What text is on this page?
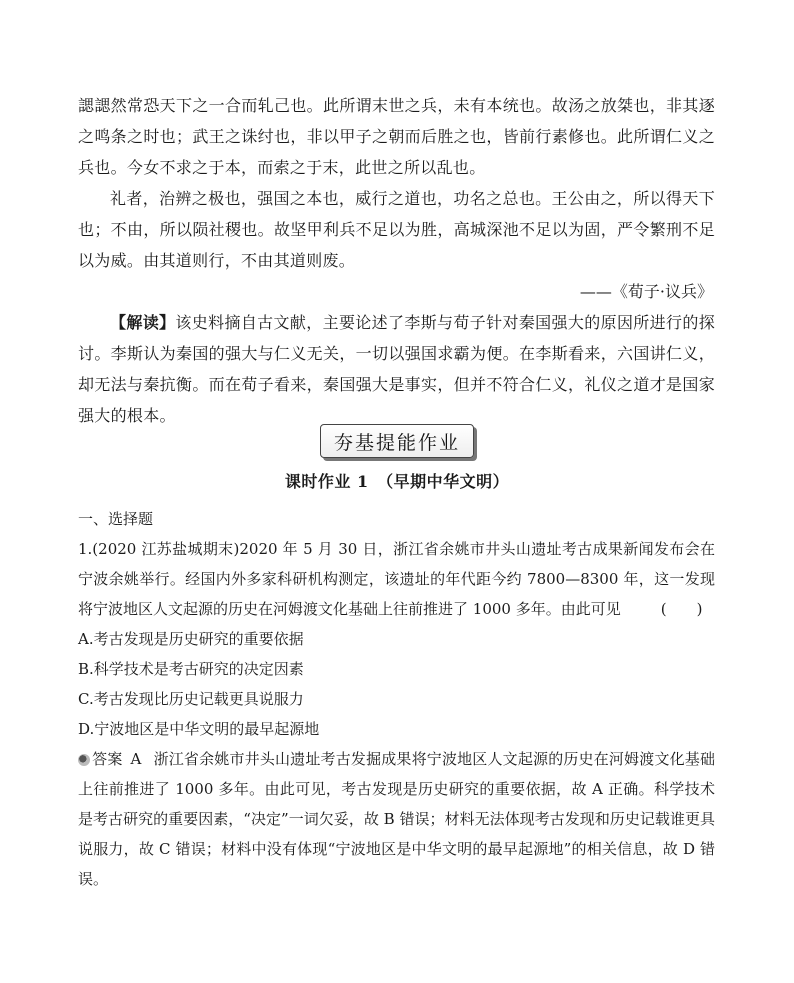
諰諰然常恐天下之一合而轧己也。此所谓末世之兵，未有本统也。故汤之放桀也，非其逐之鸣条之时也；武王之诛纣也，非以甲子之朝而后胜之也，皆前行素修也。此所谓仁义之兵也。今女不求之于本，而索之于末，此世之所以乱也。

礼者，治辨之极也，强国之本也，威行之道也，功名之总也。王公由之，所以得天下也；不由，所以陨社稷也。故坚甲利兵不足以为胜，高城深池不足以为固，严令繁刑不足以为威。由其道则行，不由其道则废。

——《荀子·议兵》

【解读】该史料摘自古文献，主要论述了李斯与荀子针对秦国强大的原因所进行的探讨。李斯认为秦国的强大与仁义无关，一切以强国求霸为便。在李斯看来，六国讲仁义，却无法与秦抗衡。而在荀子看来，秦国强大是事实，但并不符合仁义，礼仪之道才是国家强大的根本。

夯基提能作业
课时作业 1　（早期中华文明）

一、选择题

1.(2020 江苏盐城期末)2020 年 5 月 30 日，浙江省余姚市井头山遗址考古成果新闻发布会在宁波余姚举行。经国内外多家科研机构测定，该遗址的年代距今约 7800—8300 年，这一发现将宁波地区人文起源的历史在河姆渡文化基础上往前推进了 1000 多年。由此可见	(　　)

A.考古发现是历史研究的重要依据

B.科学技术是考古研究的决定因素

C.考古发现比历史记载更具说服力

D.宁波地区是中华文明的最早起源地

答案 A 浙江省余姚市井头山遗址考古发掘成果将宁波地区人文起源的历史在河姆渡文化基础上往前推进了 1000 多年。由此可见，考古发现是历史研究的重要依据，故 A 正确。科学技术是考古研究的重要因素，“决定”一词欠妥，故 B 错误；材料无法体现考古发现和历史记载谁更具说服力，故 C 错误；材料中没有体现“宁波地区是中华文明的最早起源地”的相关信息，故 D 错误。
